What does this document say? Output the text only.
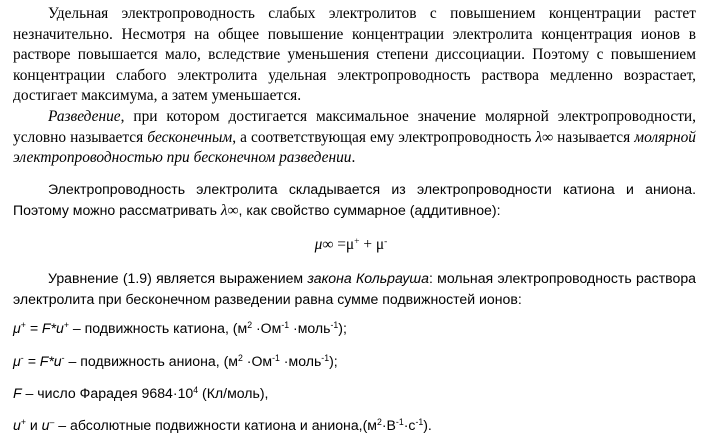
Удельная электропроводность слабых электролитов с повышением концентрации растет незначительно. Несмотря на общее повышение концентрации электролита концентрация ионов в растворе повышается мало, вследствие уменьшения степени диссоциации. Поэтому с повышением концентрации слабого электролита удельная электропроводность раствора медленно возрастает, достигает максимума, а затем уменьшается.

Разведение, при котором достигается максимальное значение молярной электропроводности, условно называется бесконечным, а соответствующая ему электропроводность λ∞ называется молярной электропроводностью при бесконечном разведении.

Электропроводность электролита складывается из электропроводности катиона и аниона. Поэтому можно рассматривать λ∞, как свойство суммарное (аддитивное):

μ∞ =μ+ + μ-

Уравнение (1.9) является выражением закона Кольрауша: мольная электропроводность раствора электролита при бесконечном разведении равна сумме подвижностей ионов:

μ+ = F*u+ – подвижность катиона, ($м^2 \cdot Ом^{-1}$ ·моль$^{-1}$);

μ- = F*u- – подвижность аниона, ($м^2 \cdot Ом^{-1}$ ·моль$^{-1}$);

F – число Фарадея $9684\cdot 10^4$ (Кл/моль),

u+ и u– – абсолютные подвижности катиона и $аниона,(м^2\cdot В^{-1}\cdot с^{-1})$.
